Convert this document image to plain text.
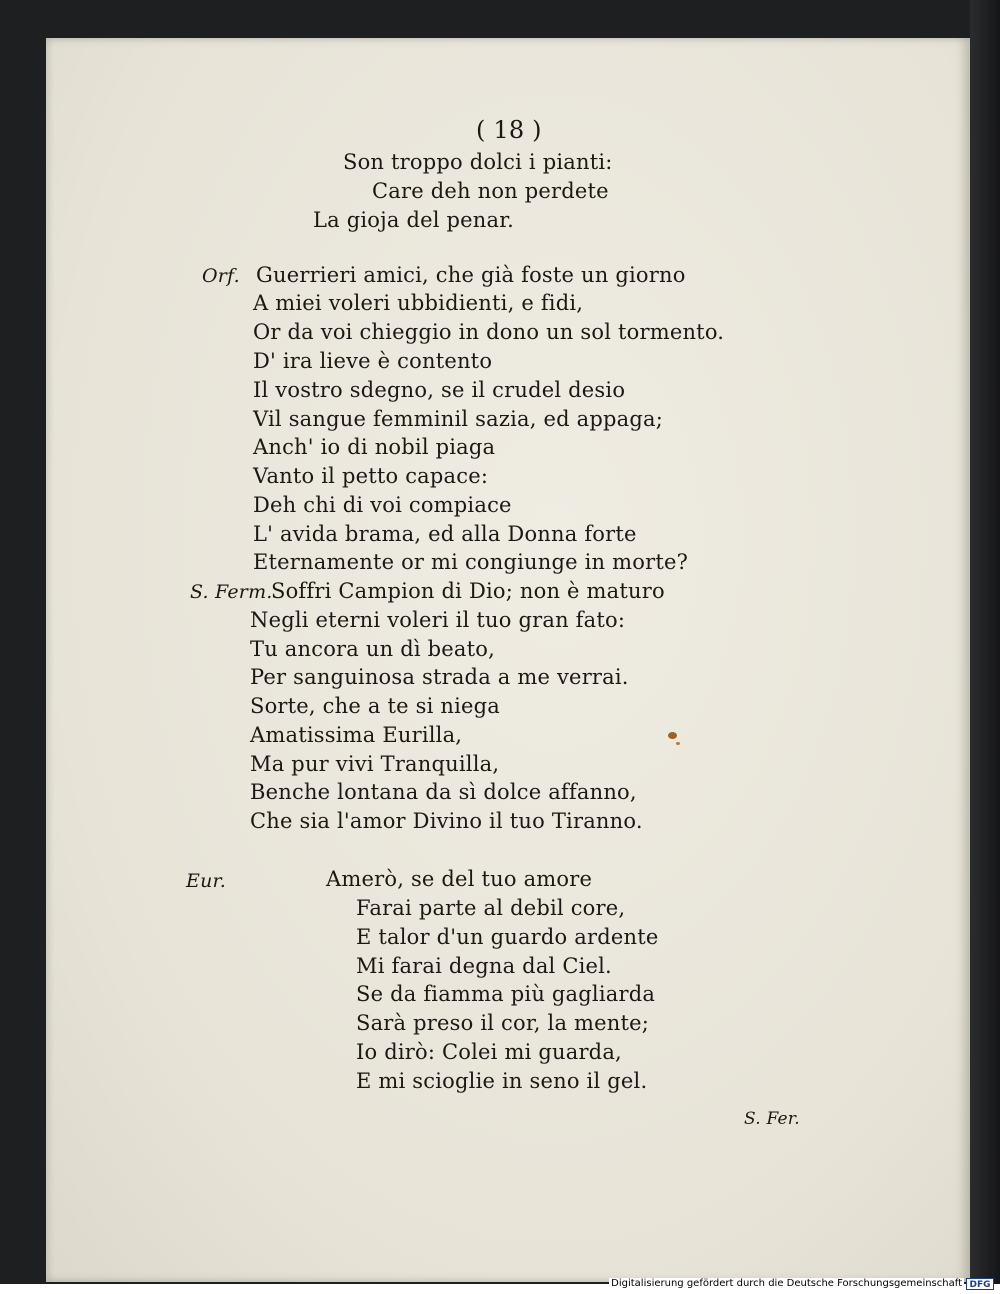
( 18 )
Son troppo dolci i pianti:
Care deh non perdete
La gioja del penar.
Orf. Guerrieri amici, che già foste un giorno
A miei voleri ubbidienti, e fidi,
Or da voi chieggio in dono un sol tormento.
D' ira lieve è contento
Il vostro sdegno, se il crudel desio
Vil sangue femminil sazia, ed appaga;
Anch' io di nobil piaga
Vanto il petto capace:
Deh chi di voi compiace
L' avida brama, ed alla Donna forte
Eternamente or mi congiunge in morte?
S. Ferm.
Soffri Campion di Dio; non è maturo
Negli eterni voleri il tuo gran fato:
Tu ancora un dì beato,
Per sanguinosa strada a me verrai.
Sorte, che a te si niega
Amatissima Eurilla,
Ma pur vivi Tranquilla,
Benche lontana da sì dolce affanno,
Che sia l'amor Divino il tuo Tiranno.
Eur.	Amerò, se del tuo amore
Farai parte al debil core,
E talor d'un guardo ardente
Mi farai degna dal Ciel.
Se da fiamma più gagliarda
Sarà preso il cor, la mente;
Io dirò: Colei mi guarda,
E mi scioglie in seno il gel.
S. Fer.
Digitalisierung gefördert durch die Deutsche Forschungsgemeinschaft DFG
